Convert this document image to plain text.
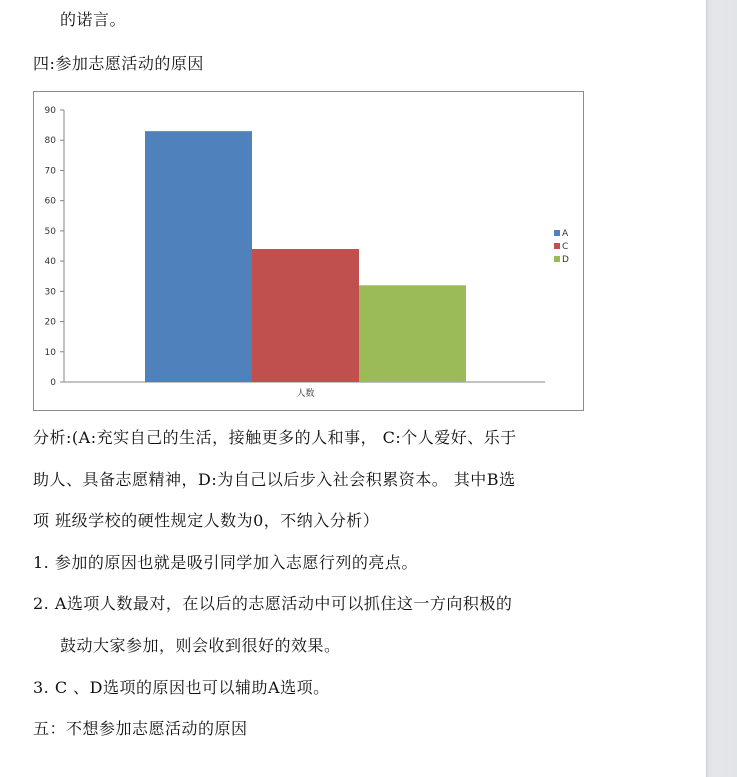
的诺言。
四:参加志愿活动的原因
0
10
20
30
40
50
60
70
80
90
人数
A
C
D
分析:(A:充实自己的生活，接触更多的人和事， C:个人爱好、乐于
助人、具备志愿精神，D:为自己以后步入社会积累资本。 其中B选
项 班级学校的硬性规定人数为0，不纳入分析）
1. 参加的原因也就是吸引同学加入志愿行列的亮点。
2. A选项人数最对，在以后的志愿活动中可以抓住这一方向积极的
鼓动大家参加，则会收到很好的效果。
3. C 、D选项的原因也可以辅助A选项。
五：不想参加志愿活动的原因
